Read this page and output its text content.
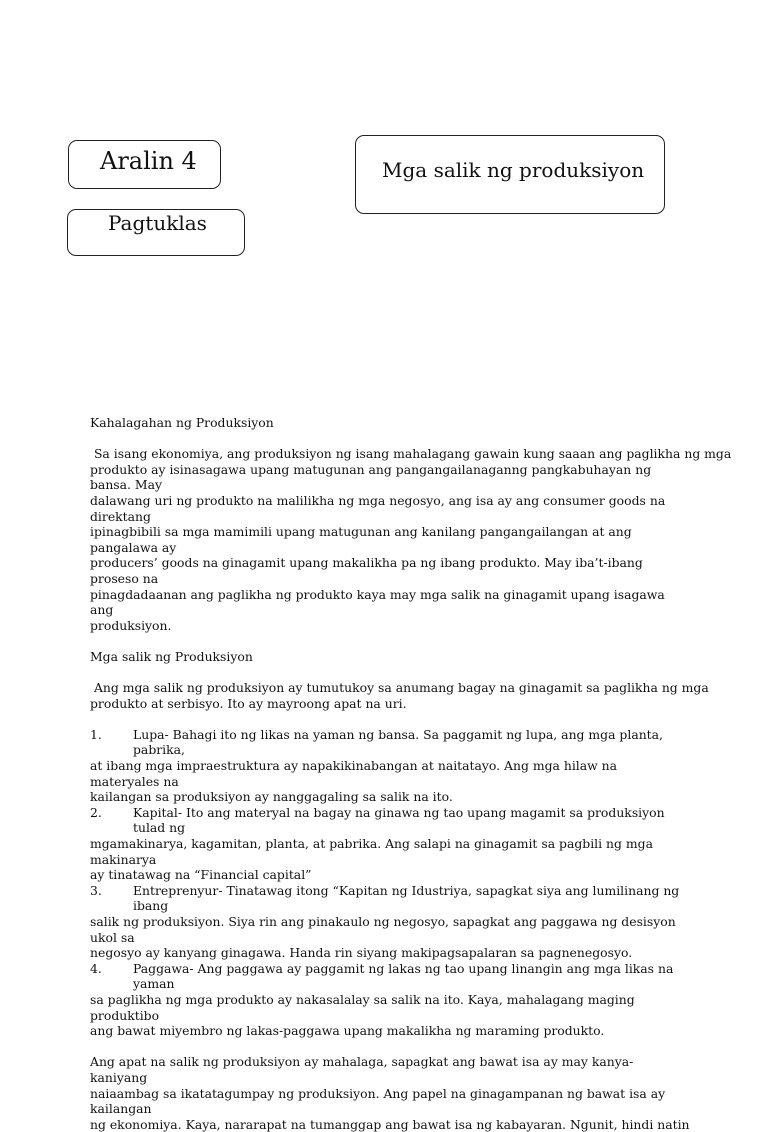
Aralin 4
Pagtuklas
Mga salik ng produksiyon

Kahalagahan ng Produksiyon

Sa isang ekonomiya, ang produksiyon ng isang mahalagang gawain kung saaan ang paglikha ng mga

produkto ay isinasagawa upang matugunan ang pangangailanaganng pangkabuhayan ng bansa. May

dalawang uri ng produkto na malilikha ng mga negosyo, ang isa ay ang consumer goods na direktang

ipinagbibili sa mga mamimili upang matugunan ang kanilang pangangailangan at ang pangalawa ay

producers’ goods na ginagamit upang makalikha pa ng ibang produkto. May iba’t-ibang proseso na

pinagdadaanan ang paglikha ng produkto kaya may mga salik na ginagamit upang isagawa ang

produksiyon.

Mga salik ng Produksiyon

Ang mga salik ng produksiyon ay tumutukoy sa anumang bagay na ginagamit sa paglikha ng mga

produkto at serbisyo. Ito ay mayroong apat na uri.

1.	Lupa- Bahagi ito ng likas na yaman ng bansa. Sa paggamit ng lupa, ang mga planta, pabrika,

at ibang mga impraestruktura ay napakikinabangan at naitatayo. Ang mga hilaw na materyales na

kailangan sa produksiyon ay nanggagaling sa salik na ito.

2.	Kapital- Ito ang materyal na bagay na ginawa ng tao upang magamit sa produksiyon tulad ng

mgamakinarya, kagamitan, planta, at pabrika. Ang salapi na ginagamit sa pagbili ng mga makinarya

ay tinatawag na “Financial capital”

3.	Entreprenyur- Tinatawag itong “Kapitan ng Idustriya, sapagkat siya ang lumilinang ng ibang

salik ng produksiyon. Siya rin ang pinakaulo ng negosyo, sapagkat ang paggawa ng desisyon ukol sa

negosyo ay kanyang ginagawa. Handa rin siyang makipagsapalaran sa pagnenegosyo.

4.	Paggawa- Ang paggawa ay paggamit ng lakas ng tao upang linangin ang mga likas na yaman

sa paglikha ng mga produkto ay nakasalalay sa salik na ito. Kaya, mahalagang maging produktibo

ang bawat miyembro ng lakas-paggawa upang makalikha ng maraming produkto.

Ang apat na salik ng produksiyon ay mahalaga, sapagkat ang bawat isa ay may kanya-kaniyang

naiaambag sa ikatatagumpay ng produksiyon. Ang papel na ginagampanan ng bawat isa ay kailangan

ng ekonomiya. Kaya, nararapat na tumanggap ang bawat isa ng kabayaran. Ngunit, hindi natin
